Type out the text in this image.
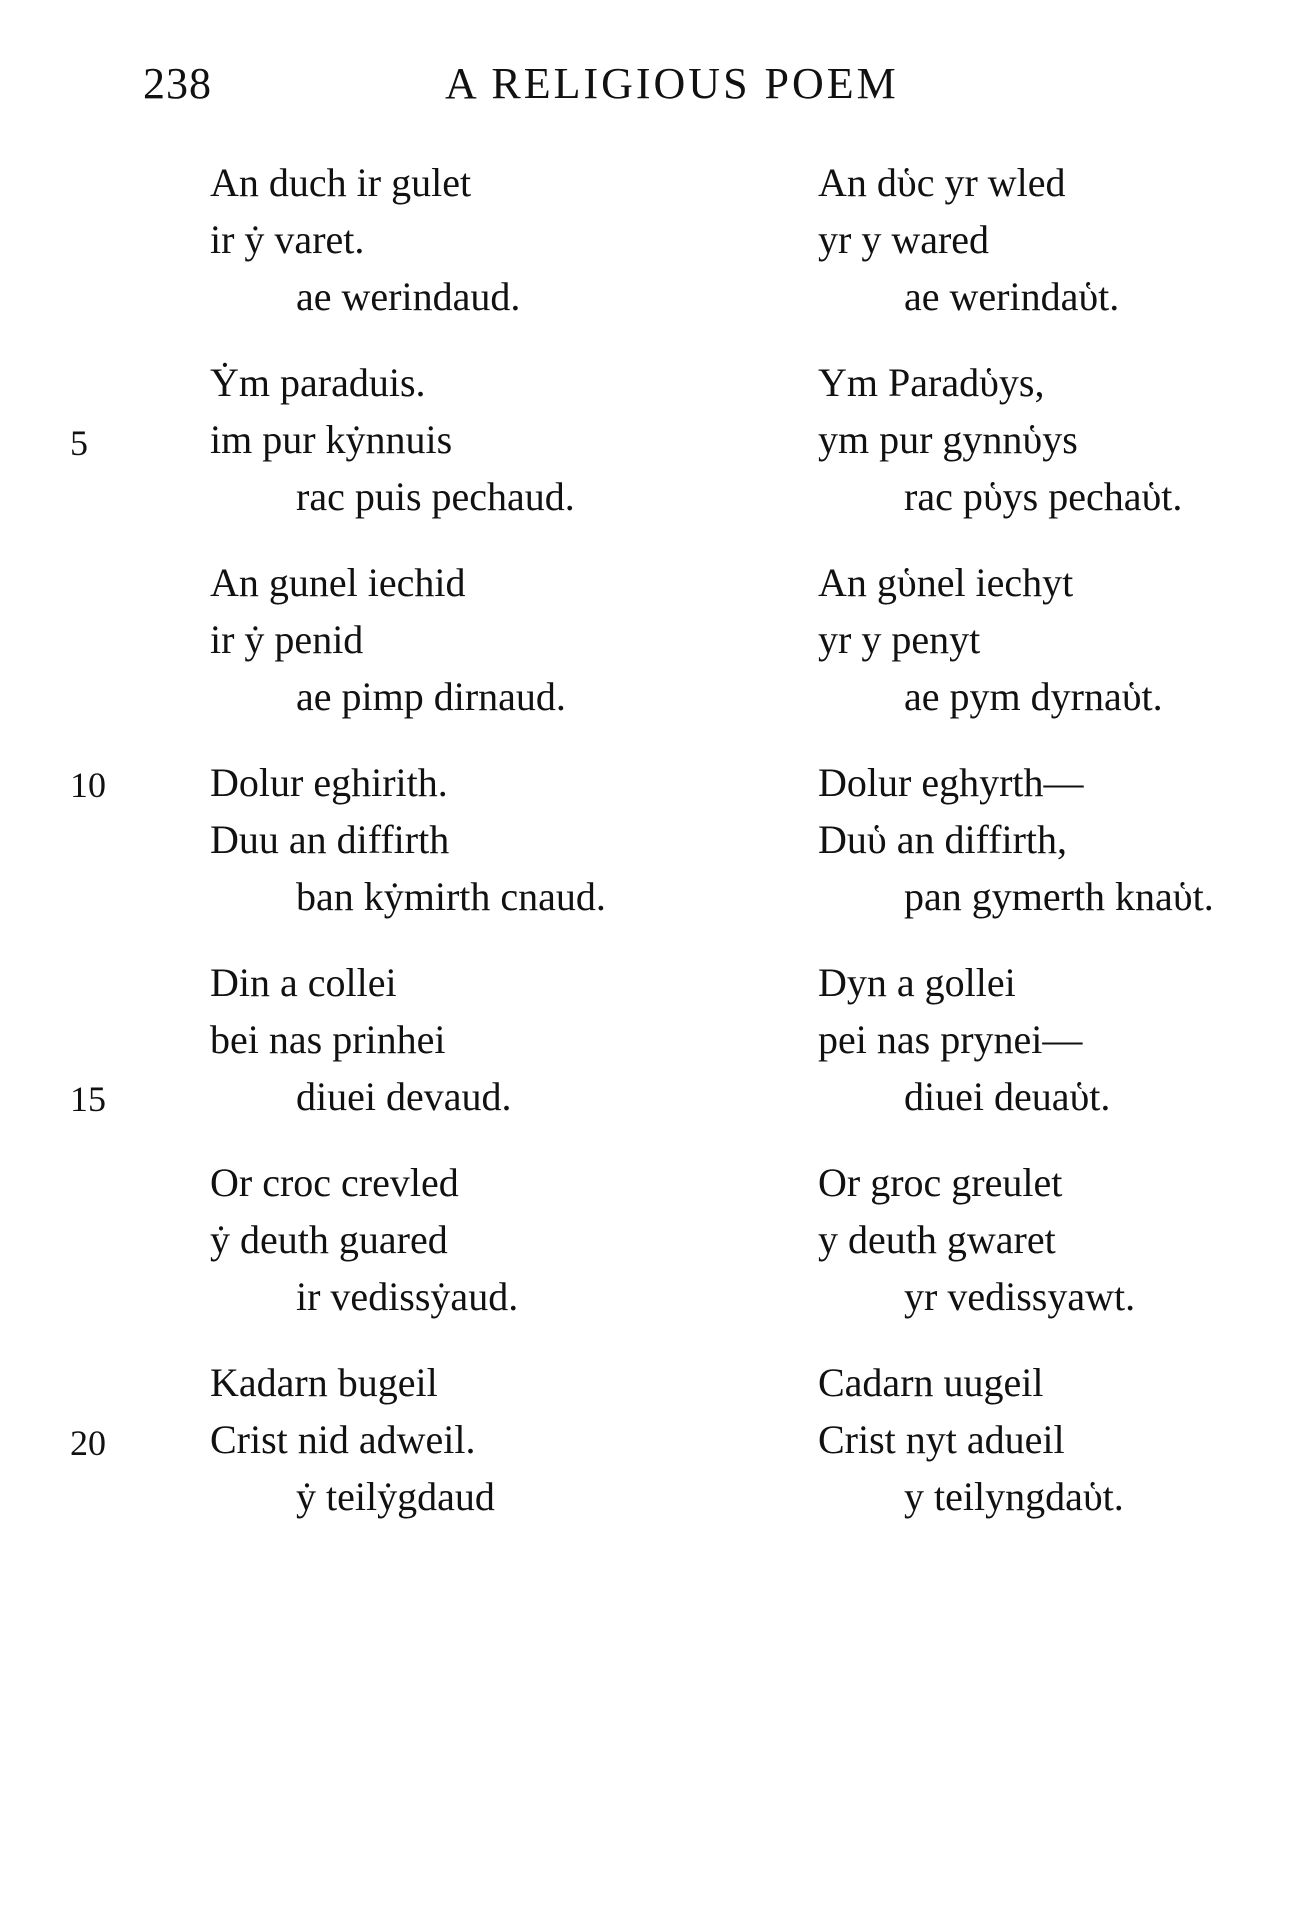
238	A RELIGIOUS POEM
An duch ir gulet
ir ẏ varet.
ae werindaud.
An dὑc yr wled
yr y wared
ae werindaὑt.
Ẏm paraduis.
5	im pur kẏnnuis
rac puis pechaud.
Ym Paradὑys,
ym pur gynnὑys
rac pὑys pechaὑt.
An gunel iechid
ir ẏ penid
ae pimp dirnaud.
An gὑnel iechyt
yr y penyt
ae pym dyrnaὑt.
10	Dolur eghirith.
Duu an diffirth
ban kẏmirth cnaud.
Dolur eghyrth—
Duὑ an diffirth,
pan gymerth knaὑt.
Din a collei
bei nas prinhei
15	diuei devaud.
Dyn a gollei
pei nas prynei—
diuei deuaὑt.
Or croc crevled
ẏ deuth guared
ir vedissẏaud.
Or groc greulet
y deuth gwaret
yr vedissyawt.
Kadarn bugeil
20	Crist nid adweil.
ẏ teilẏgdaud
Cadarn uugeil
Crist nyt adueil
y teilyngdaὑt.
